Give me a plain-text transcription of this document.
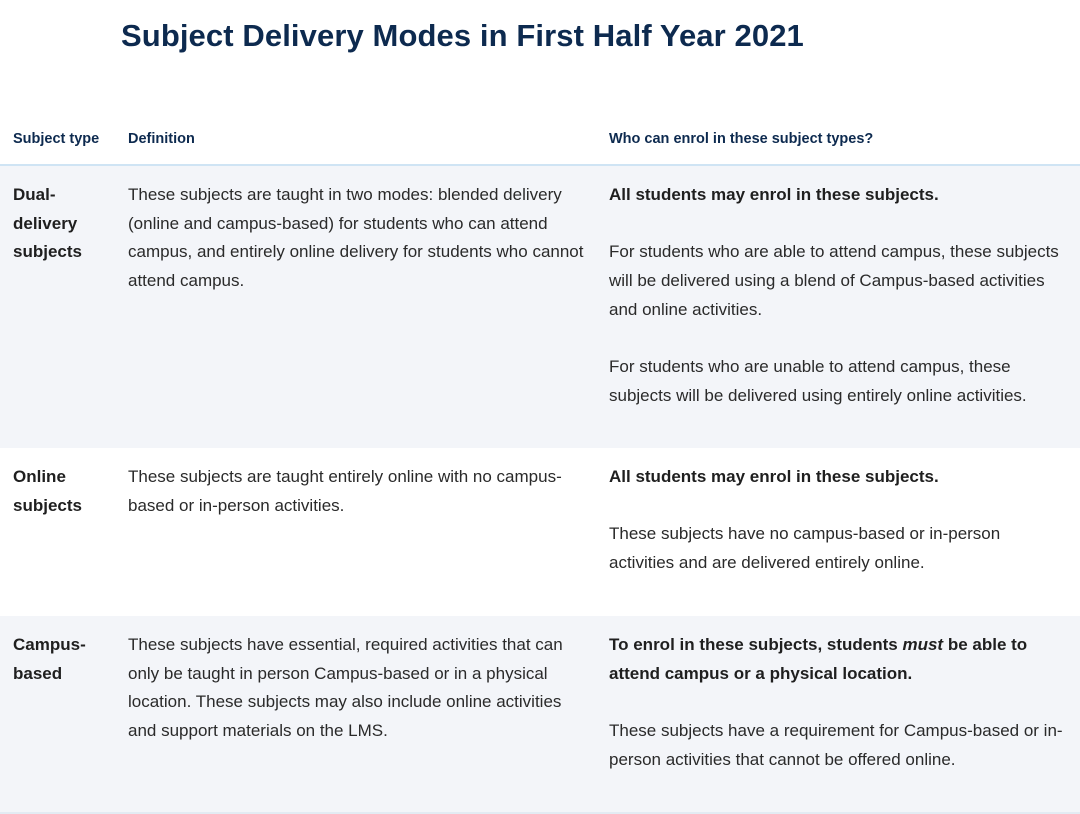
Subject Delivery Modes in First Half Year 2021
Subject type Definition	Who can enrol in these subject types?
Dual-
delivery
subjects
These subjects are taught in two modes: blended delivery (online and campus-based) for students who can attend campus, and entirely online delivery for students who cannot attend campus.

All students may enrol in these subjects.

For students who are able to attend campus, these subjects will be delivered using a blend of Campus-based activities and online activities.

For students who are unable to attend campus, these subjects will be delivered using entirely online activities.

Online
subjects
These subjects are taught entirely online with no campus-based or in-person activities.

All students may enrol in these subjects.

These subjects have no campus-based or in-person activities and are delivered entirely online.

Campus-
based
These subjects have essential, required activities that can only be taught in person Campus-based or in a physical location. These subjects may also include online activities and support materials on the LMS.

To enrol in these subjects, students must be able to attend campus or a physical location.

These subjects have a requirement for Campus-based or in-person activities that cannot be offered online.
